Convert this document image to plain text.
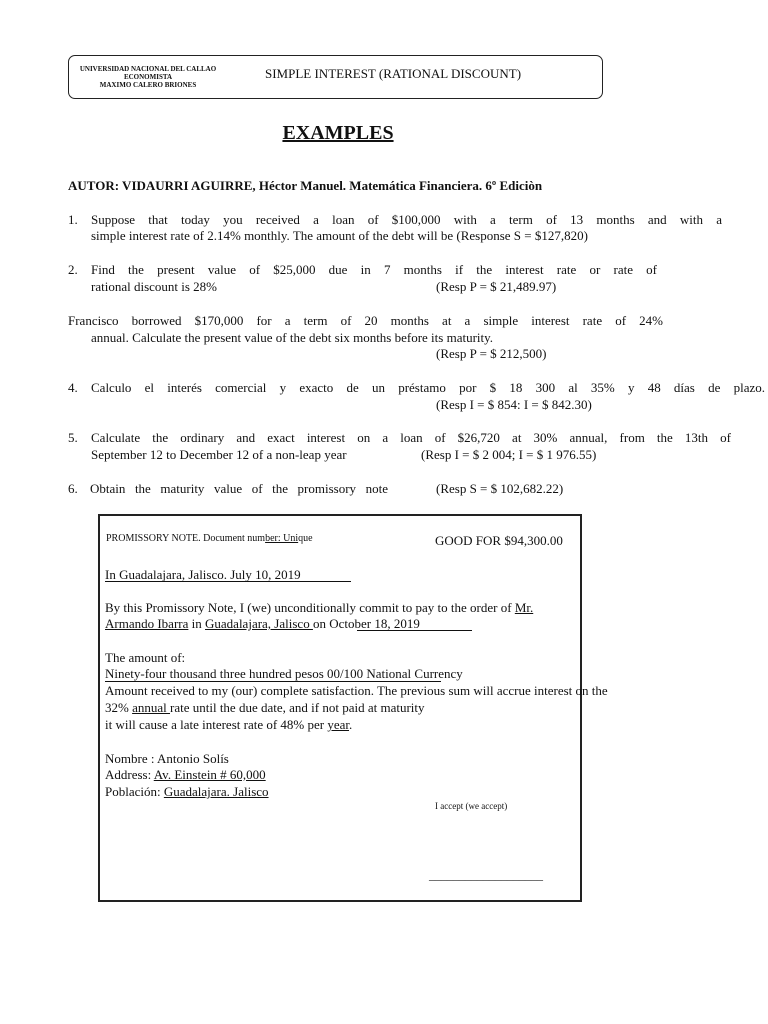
UNIVERSIDAD NACIONAL DEL CALLAO
ECONOMISTA
MAXIMO CALERO BRIONES
SIMPLE INTEREST (RATIONAL DISCOUNT)
EXAMPLES
AUTOR: VIDAURRI AGUIRRE, Héctor Manuel. Matemática Financiera. 6º Ediciòn
1. Suppose that today you received a loan of $100,000 with a term of 13 months and with a
simple interest rate of 2.14% monthly. The amount of the debt will be (Response S = $127,820)
2. Find the present value of $25,000 due in 7 months if the interest rate or rate of
rational discount is 28%	(Resp P = $ 21,489.97)
Francisco borrowed $170,000 for a term of 20 months at a simple interest rate of 24%
annual. Calculate the present value of the debt six months before its maturity.
(Resp P = $ 212,500)
4. Calculo el interés comercial y exacto de un préstamo por $ 18 300 al 35% y 48 días de plazo.
(Resp I = $ 854: I = $ 842.30)
5. Calculate the ordinary and exact interest on a loan of $26,720 at 30% annual, from the 13th of
September 12 to December 12 of a non-leap year	(Resp I = $ 2 004; I = $ 1 976.55)
6. Obtain the maturity value of the promissory note	(Resp S = $ 102,682.22)
PROMISSORY NOTE. Document number: Unique	GOOD FOR $94,300.00
In Guadalajara, Jalisco. July 10, 2019
By this Promissory Note, I (we) unconditionally commit to pay to the order of Mr.
Armando Ibarra in Guadalajara, Jalisco on October 18, 2019
The amount of:
Ninety-four thousand three hundred pesos 00/100 National Currency
Amount received to my (our) complete satisfaction. The previous sum will accrue interest on the
32% annual rate until the due date, and if not paid at maturity
it will cause a late interest rate of 48% per year.
Nombre : Antonio Solís
Address: Av. Einstein # 60,000
Población: Guadalajara. Jalisco
I accept (we accept)
___________________
